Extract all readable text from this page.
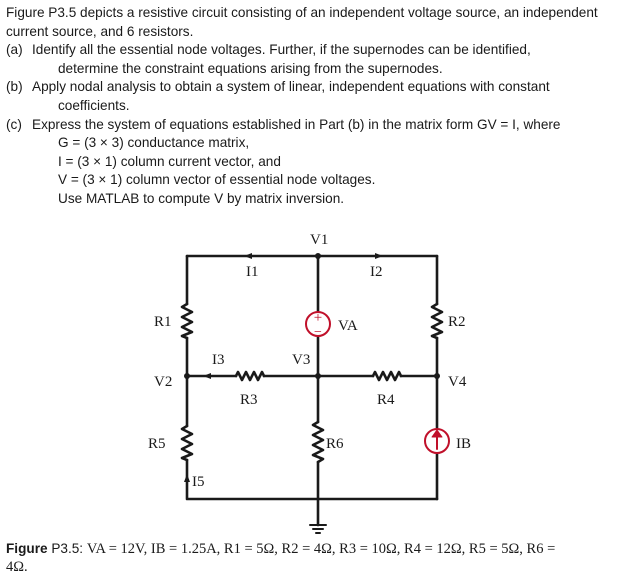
Figure P3.5 depicts a resistive circuit consisting of an independent voltage source, an independent current source, and 6 resistors.

(a) Identify all the essential node voltages. Further, if the supernodes can be identified,

determine the constraint equations arising from the supernodes.

(b) Apply nodal analysis to obtain a system of linear, independent equations with constant

coefficients.

(c) Express the system of equations established in Part (b) in the matrix form GV = I, where

G = (3 × 3) conductance matrix,

I = (3 × 1) column current vector, and

V = (3 × 1) column vector of essential node voltages.

Use MATLAB to compute V by matrix inversion.

+
−
V1
I1	I2
R1	VA	R2
I3	V3
V2	V4
R3	R4
R5	R6	IB
I5
Figure P3.5: VA = 12V, IB = 1.25A, R1 = 5Ω, R2 = 4Ω, R3 = 10Ω, R4 = 12Ω, R5 = 5Ω, R6 =
4Ω.
